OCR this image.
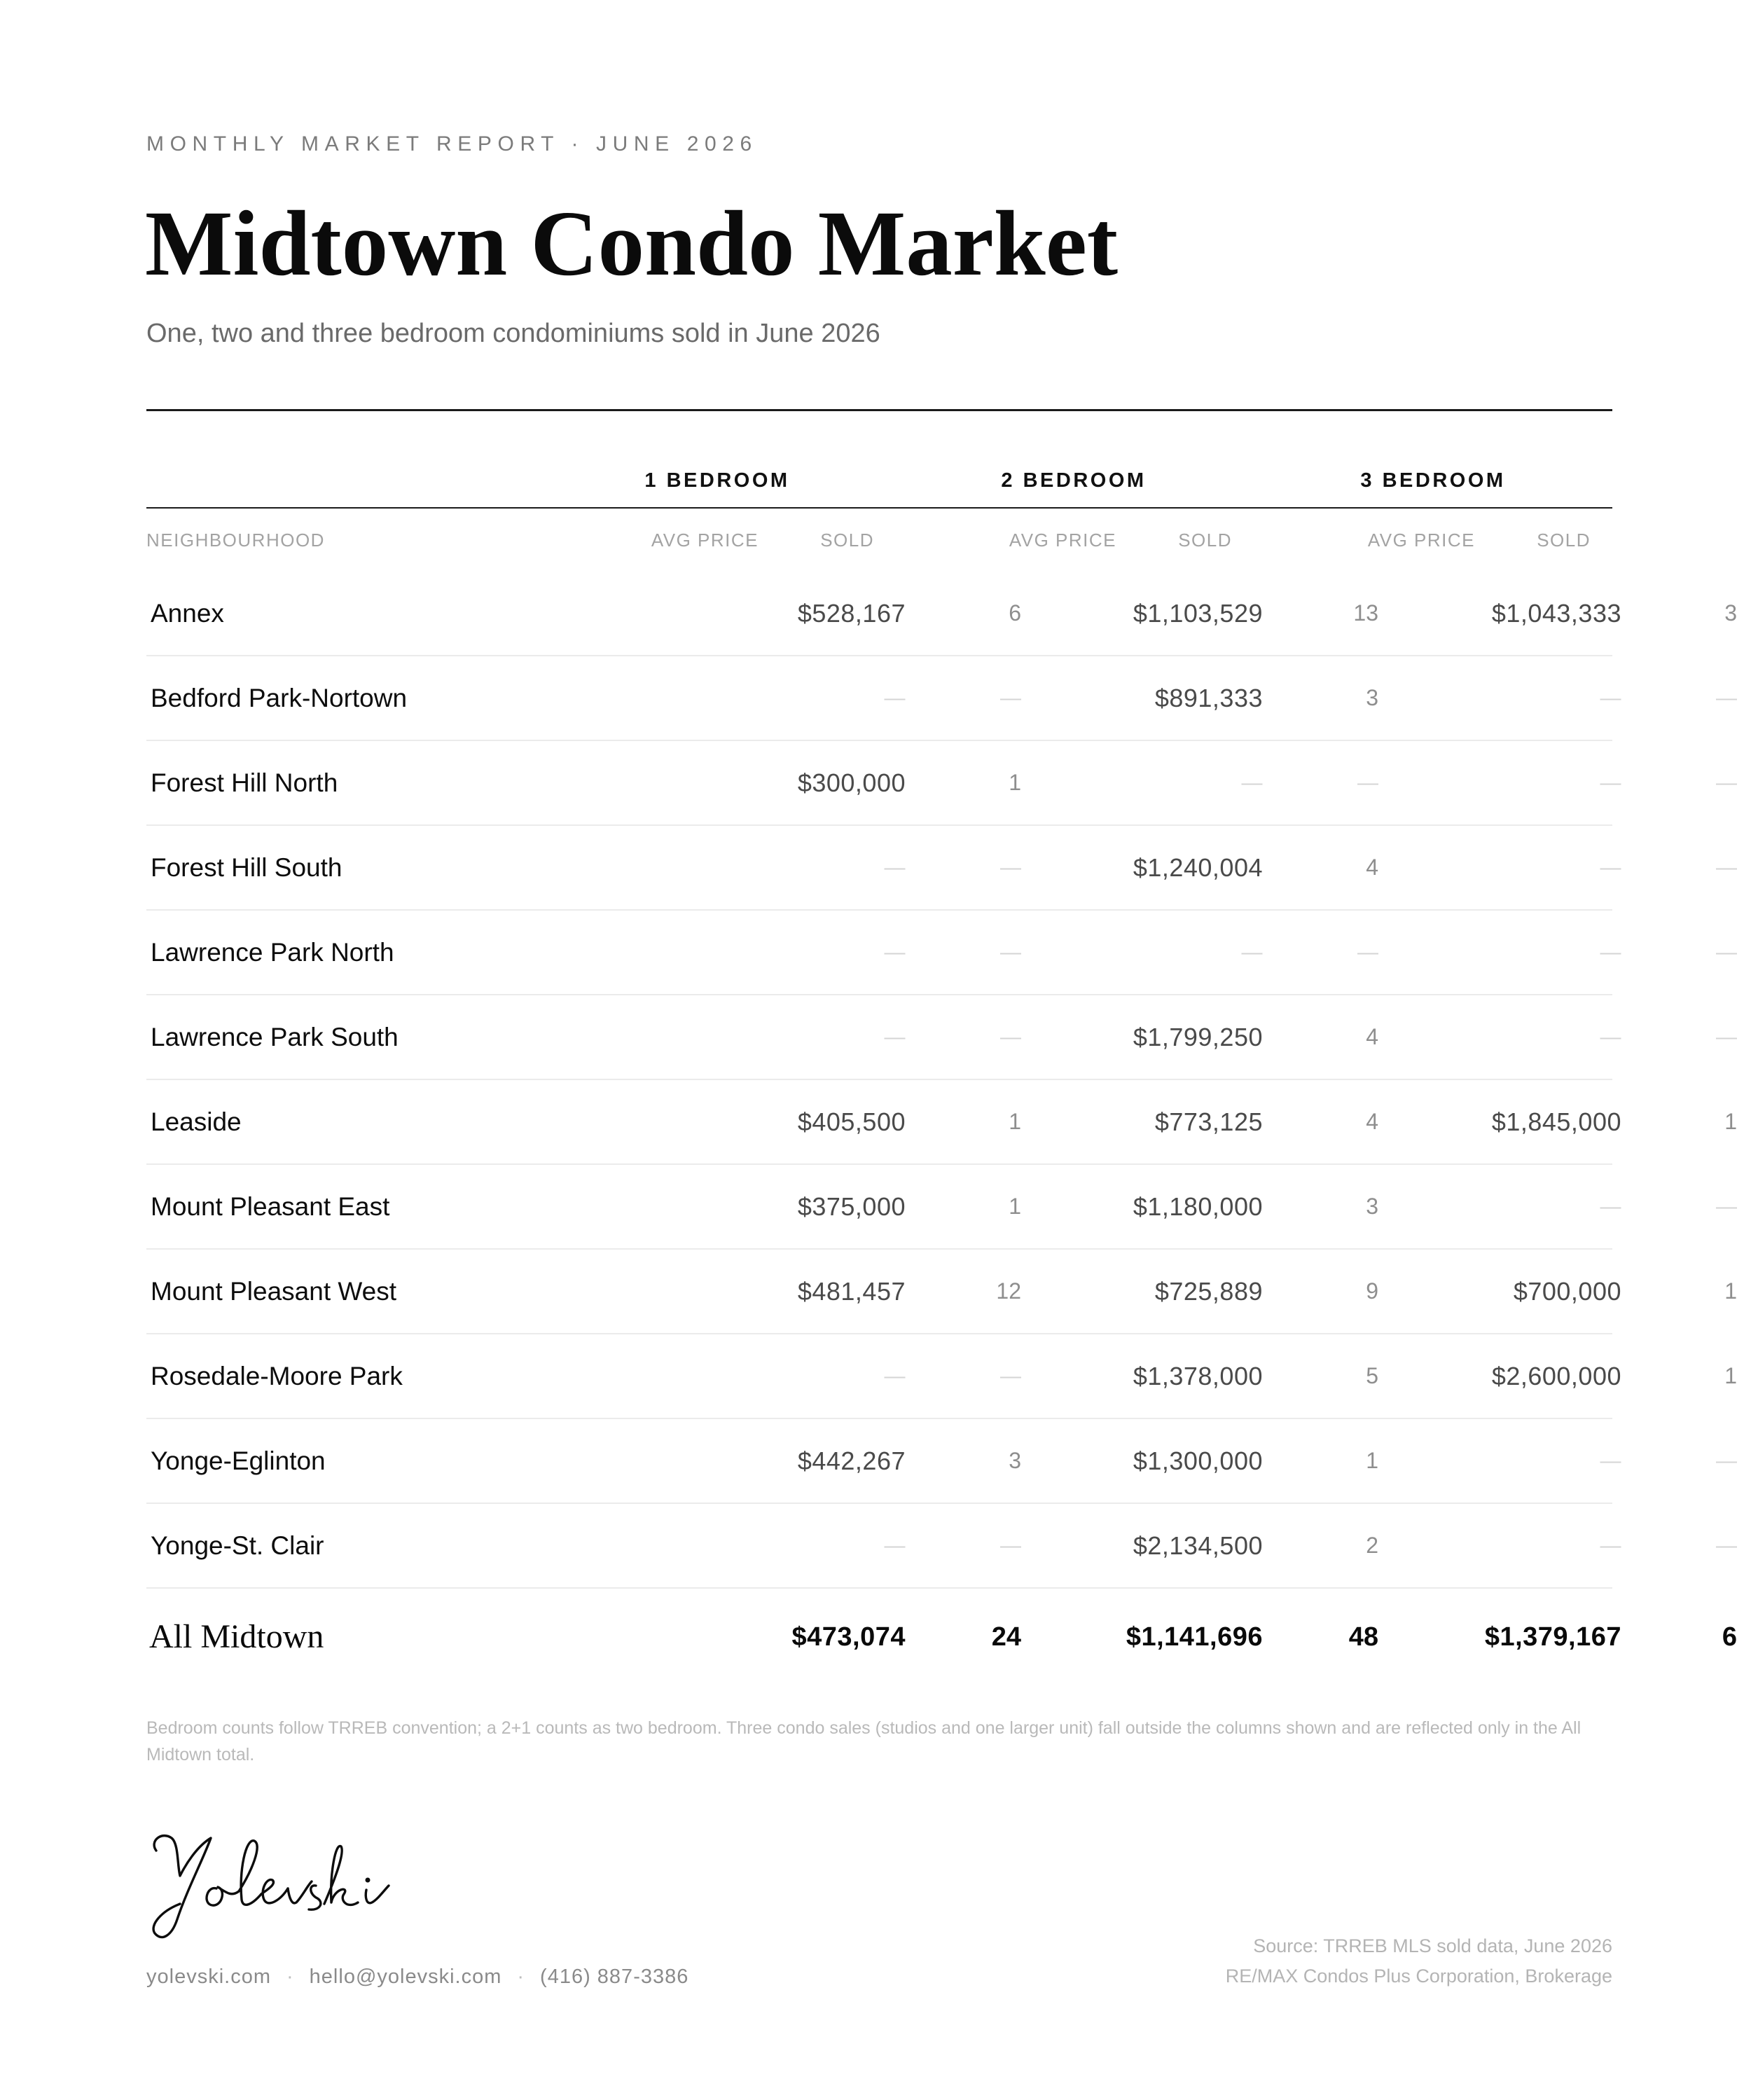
MONTHLY MARKET REPORT · JUNE 2026
Midtown Condo Market
One, two and three bedroom condominiums sold in June 2026
1 BEDROOM	2 BEDROOM	3 BEDROOM
NEIGHBOURHOOD	AVG PRICE	SOLD	AVG PRICE	SOLD	AVG PRICE	SOLD
Annex	$528,167	6	$1,103,529	13	$1,043,333	3
Bedford Park-Nortown	—	—	$891,333	3	—	—
Forest Hill North	$300,000	1	—	—	—	—
Forest Hill South	—	—	$1,240,004	4	—	—
Lawrence Park North	—	—	—	—	—	—
Lawrence Park South	—	—	$1,799,250	4	—	—
Leaside	$405,500	1	$773,125	4	$1,845,000	1
Mount Pleasant East	$375,000	1	$1,180,000	3	—	—
Mount Pleasant West	$481,457	12	$725,889	9	$700,000	1
Rosedale-Moore Park	—	—	$1,378,000	5	$2,600,000	1
Yonge-Eglinton	$442,267	3	$1,300,000	1	—	—
Yonge-St. Clair	—	—	$2,134,500	2	—	—
All Midtown	$473,074	24	$1,141,696	48	$1,379,167	6

Bedroom counts follow TRREB convention; a 2+1 counts as two bedroom. Three condo sales (studios and one larger unit) fall outside the columns shown and are reflected only in the All Midtown total.

yolevski.com · hello@yolevski.com · (416) 887-3386
Source: TRREB MLS sold data, June 2026
RE/MAX Condos Plus Corporation, Brokerage
